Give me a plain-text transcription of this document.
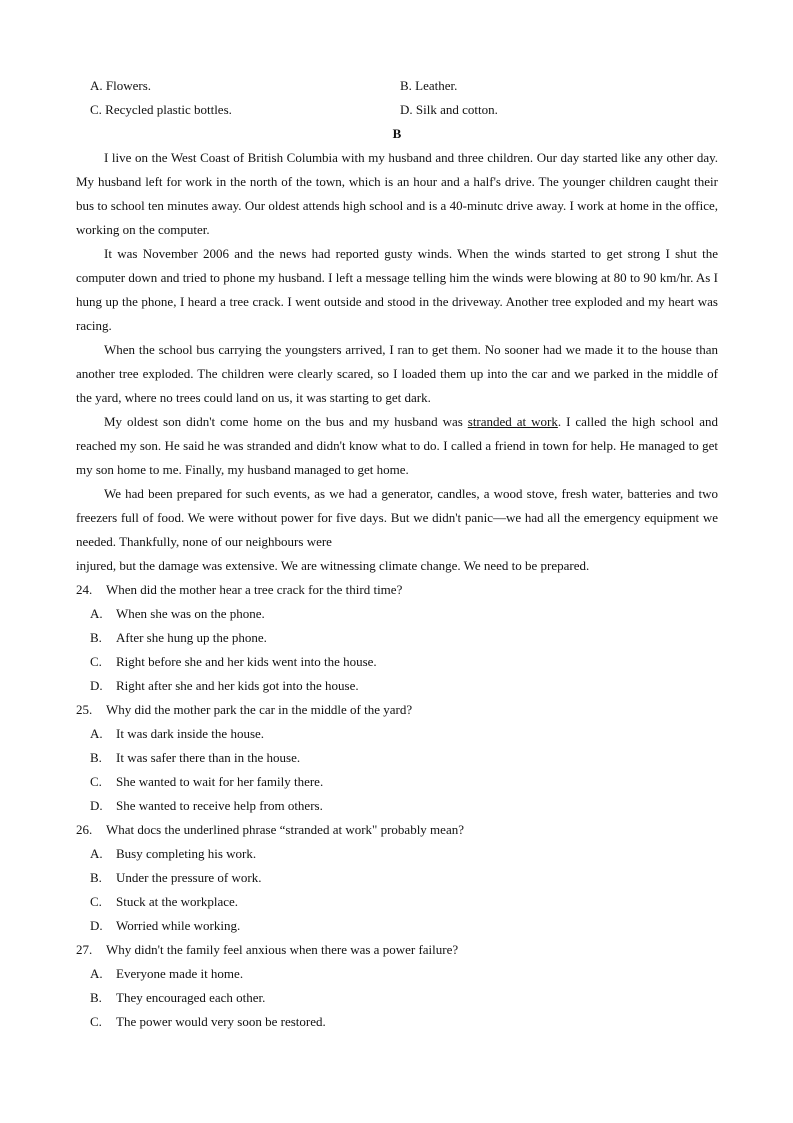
A. Flowers.	B. Leather.
C. Recycled plastic bottles.	D. Silk and cotton.
B

I live on the West Coast of British Columbia with my husband and three children. Our day started like any other day. My husband left for work in the north of the town, which is an hour and a half's drive. The younger children caught their bus to school ten minutes away. Our oldest attends high school and is a 40-minutc drive away. I work at home in the office, working on the computer.

It was November 2006 and the news had reported gusty winds. When the winds started to get strong I shut the computer down and tried to phone my husband. I left a message telling him the winds were blowing at 80 to 90 km/hr. As I hung up the phone, I heard a tree crack. I went outside and stood in the driveway. Another tree exploded and my heart was racing.

When the school bus carrying the youngsters arrived, I ran to get them. No sooner had we made it to the house than another tree exploded. The children were clearly scared, so I loaded them up into the car and we parked in the middle of the yard, where no trees could land on us, it was starting to get dark.

My oldest son didn't come home on the bus and my husband was stranded at work. I called the high school and reached my son. He said he was stranded and didn't know what to do. I called a friend in town for help. He managed to get my son home to me. Finally, my husband managed to get home.

We had been prepared for such events, as we had a generator, candles, a wood stove, fresh water, batteries and two freezers full of food. We were without power for five days. But we didn't panic—we had all the emergency equipment we needed. Thankfully, none of our neighbours were

injured, but the damage was extensive. We are witnessing climate change. We need to be prepared.

24. When did the mother hear a tree crack for the third time?
A. When she was on the phone.
B. After she hung up the phone.
C. Right before she and her kids went into the house.
D. Right after she and her kids got into the house.
25. Why did the mother park the car in the middle of the yard?
A. It was dark inside the house.
B. It was safer there than in the house.
C. She wanted to wait for her family there.
D. She wanted to receive help from others.
26. What docs the underlined phrase “stranded at work" probably mean?
A. Busy completing his work.
B. Under the pressure of work.
C. Stuck at the workplace.
D. Worried while working.
27. Why didn't the family feel anxious when there was a power failure?
A. Everyone made it home.
B. They encouraged each other.
C. The power would very soon be restored.
